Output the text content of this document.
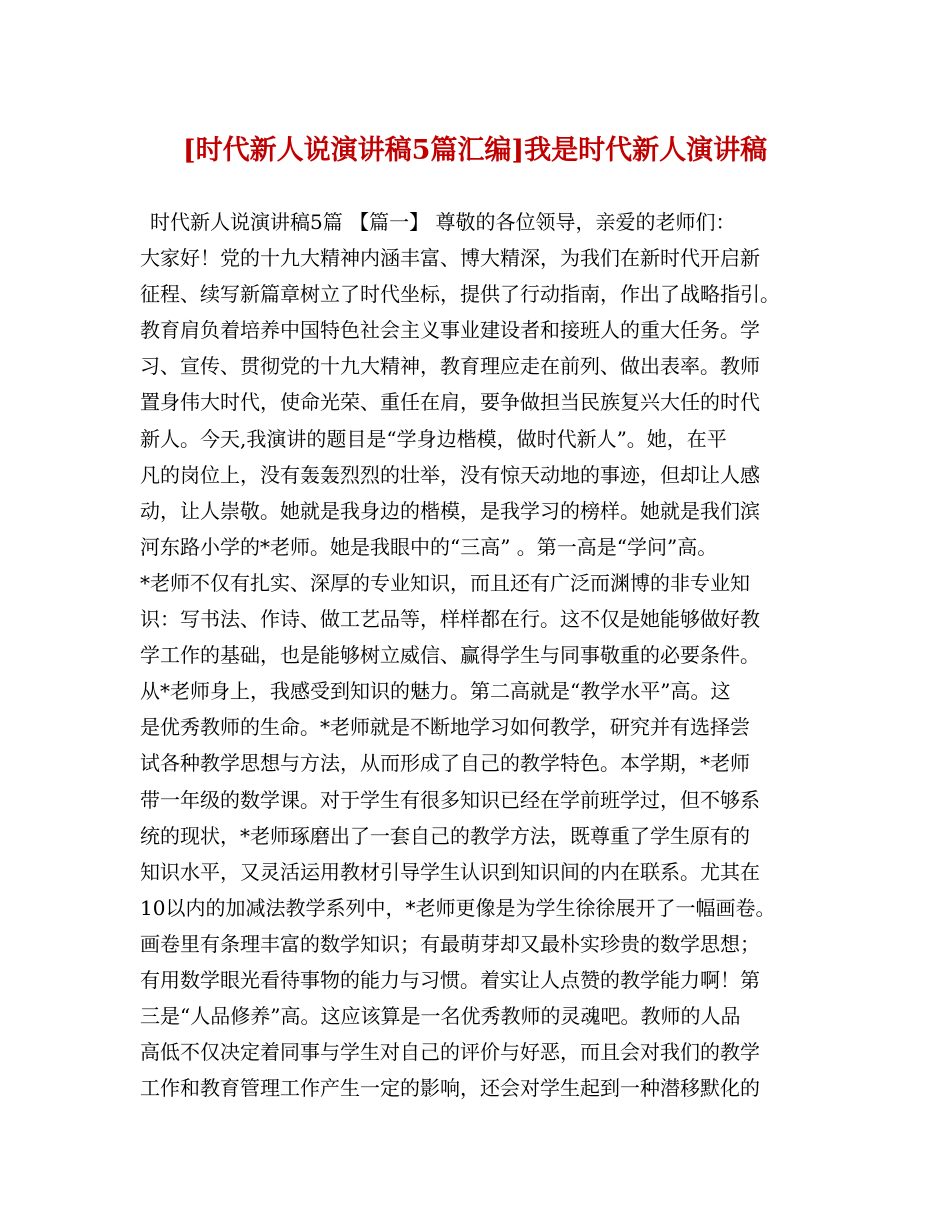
[时代新人说演讲稿5篇汇编]我是时代新人演讲稿
时代新人说演讲稿5篇 【篇一】 尊敬的各位领导，亲爱的老师们：
大家好！党的十九大精神内涵丰富、博大精深，为我们在新时代开启新
征程、续写新篇章树立了时代坐标，提供了行动指南，作出了战略指引。
教育肩负着培养中国特色社会主义事业建设者和接班人的重大任务。学
习、宣传、贯彻党的十九大精神，教育理应走在前列、做出表率。教师
置身伟大时代，使命光荣、重任在肩，要争做担当民族复兴大任的时代
新人。今天,我演讲的题目是“学身边楷模，做时代新人”。她，在平
凡的岗位上，没有轰轰烈烈的壮举，没有惊天动地的事迹，但却让人感
动，让人崇敬。她就是我身边的楷模，是我学习的榜样。她就是我们滨
河东路小学的*老师。她是我眼中的“三高” 。第一高是“学问”高。
*老师不仅有扎实、深厚的专业知识，而且还有广泛而渊博的非专业知
识：写书法、作诗、做工艺品等，样样都在行。这不仅是她能够做好教
学工作的基础，也是能够树立威信、赢得学生与同事敬重的必要条件。
从*老师身上，我感受到知识的魅力。第二高就是“教学水平”高。这
是优秀教师的生命。*老师就是不断地学习如何教学，研究并有选择尝
试各种教学思想与方法，从而形成了自己的教学特色。本学期，*老师
带一年级的数学课。对于学生有很多知识已经在学前班学过，但不够系
统的现状，*老师琢磨出了一套自己的教学方法，既尊重了学生原有的
知识水平，又灵活运用教材引导学生认识到知识间的内在联系。尤其在
10以内的加减法教学系列中，*老师更像是为学生徐徐展开了一幅画卷。
画卷里有条理丰富的数学知识；有最萌芽却又最朴实珍贵的数学思想；
有用数学眼光看待事物的能力与习惯。着实让人点赞的教学能力啊！第
三是“人品修养”高。这应该算是一名优秀教师的灵魂吧。教师的人品
高低不仅决定着同事与学生对自己的评价与好恶，而且会对我们的教学
工作和教育管理工作产生一定的影响，还会对学生起到一种潜移默化的
